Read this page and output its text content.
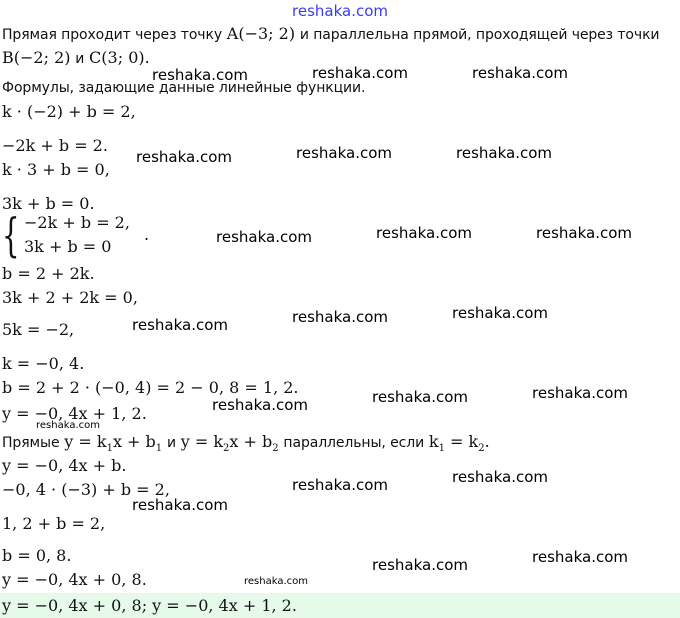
reshaka.com
Прямая проходит через точку A(−3; 2) и параллельна прямой, проходящей через точки
B(−2; 2) и C(3; 0).
Формулы, задающие данные линейные функции.
k · (−2) + b = 2,
−2k + b = 2.
k · 3 + b = 0,
3k + b = 0.
{ −2k + b = 2,
3k + b = 0
.
b = 2 + 2k.
3k + 2 + 2k = 0,
5k = −2,
k = −0, 4.
b = 2 + 2 · (−0, 4) = 2 − 0, 8 = 1, 2.
y = −0, 4x + 1, 2.
Прямые $y = k_1x + b_1$ и $y = k_2x + b_2$ параллельны, если $k_1 = k_2$.
y = −0, 4x + b.
−0, 4 · (−3) + b = 2,
1, 2 + b = 2,
b = 0, 8.
y = −0, 4x + 0, 8.
y = −0, 4x + 0, 8; y = −0, 4x + 1, 2.
reshaka.com	reshaka.com	reshaka.com
reshaka.com	reshaka.com	reshaka.com
reshaka.com	reshaka.com	reshaka.com
reshaka.com	reshaka.com	reshaka.com
reshaka.com	reshaka.com	reshaka.com
reshaka.com
reshaka.com	reshaka.com
reshaka.com
reshaka.com	reshaka.com
reshaka.com
